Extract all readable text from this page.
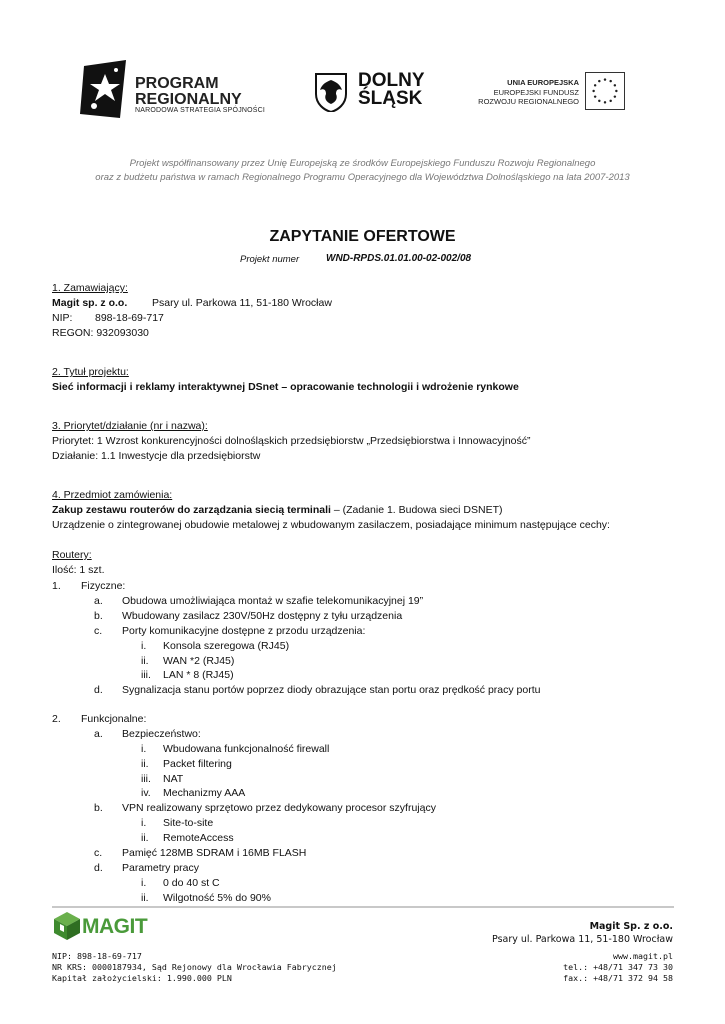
PROGRAM
REGIONALNY
NARODOWA STRATEGIA SPÓJNOŚCI
DOLNY
ŚLĄSK
UNIA EUROPEJSKA
EUROPEJSKI FUNDUSZ
ROZWOJU REGIONALNEGO
Projekt współfinansowany przez Unię Europejską ze środków Europejskiego Funduszu Rozwoju Regionalnego
oraz z budżetu państwa w ramach Regionalnego Programu Operacyjnego dla Województwa Dolnośląskiego na lata 2007-2013
ZAPYTANIE OFERTOWE
Projekt numer	WND-RPDS.01.01.00-02-002/08
1. Zamawiający:
Magit sp. z o.o. Psary ul. Parkowa 11, 51-180 Wrocław
NIP: 898-18-69-717
REGON: 932093030
2. Tytuł projektu:
Sieć informacji i reklamy interaktywnej DSnet – opracowanie technologii i wdrożenie rynkowe
3. Priorytet/działanie (nr i nazwa):
Priorytet: 1 Wzrost konkurencyjności dolnośląskich przedsiębiorstw „Przedsiębiorstwa i Innowacyjność”
Działanie: 1.1 Inwestycje dla przedsiębiorstw
4. Przedmiot zamówienia:
Zakup zestawu routerów do zarządzania siecią terminali – (Zadanie 1. Budowa sieci DSNET)
Urządzenie o zintegrowanej obudowie metalowej z wbudowanym zasilaczem, posiadające minimum następujące cechy:
Routery:
Ilość: 1 szt.
1. Fizyczne:
a. Obudowa umożliwiająca montaż w szafie telekomunikacyjnej 19”
b. Wbudowany zasilacz 230V/50Hz dostępny z tyłu urządzenia
c. Porty komunikacyjne dostępne z przodu urządzenia:
i. Konsola szeregowa (RJ45)
ii. WAN *2 (RJ45)
iii. LAN * 8 (RJ45)
d. Sygnalizacja stanu portów poprzez diody obrazujące stan portu oraz prędkość pracy portu
2. Funkcjonalne:
a. Bezpieczeństwo:
i. Wbudowana funkcjonalność firewall
ii. Packet filtering
iii. NAT
iv. Mechanizmy AAA
b. VPN realizowany sprzętowo przez dedykowany procesor szyfrujący
i. Site-to-site
ii. RemoteAccess
c. Pamięć 128MB SDRAM i 16MB FLASH
d. Parametry pracy
i. 0 do 40 st C
ii. Wilgotność 5% do 90%
MAGIT	Magit Sp. z o.o.
Psary ul. Parkowa 11, 51-180 Wrocław
NIP: 898-18-69-717
NR KRS: 0000187934, Sąd Rejonowy dla Wrocławia Fabrycznej
Kapitał założycielski: 1.990.000 PLN
www.magit.pl
tel.: +48/71 347 73 30
fax.: +48/71 372 94 58
